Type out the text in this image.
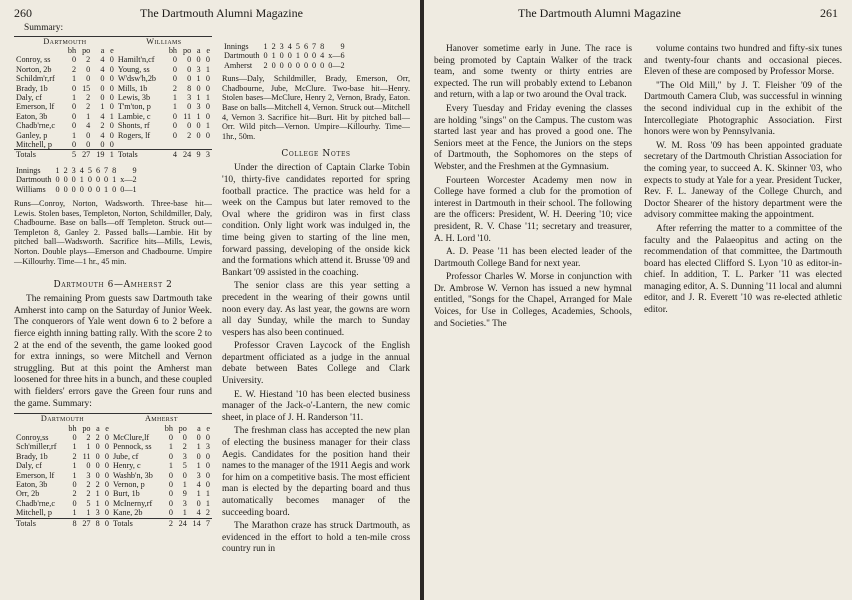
260	The Dartmouth Alumni Magazine
Summary:
Dartmouth					Williams				
	bh	po	a	e		bh	po	a	e
Conroy, ss	0	2	4	0	Hamilt'n,cf	0	0	0	0
Norton, 2b	2	0	4	0	Young, ss	0	0	3	1
Schildm'r,rf	1	0	0	0	W'dsw'h,2b	0	0	1	0
Brady, 1b	0	15	0	0	Mills, 1b	2	8	0	0
Daly, cf	1	2	0	0	Lewis, 3b	1	3	1	1
Emerson, lf	0	2	1	0	T'm'ton, p	1	0	3	0
Eaton, 3b	0	1	4	1	Lambie, c	0	11	1	0
Chadb'rne,c	0	4	2	0	Shonts, rf	0	0	0	1
Ganley, p	1	0	4	0	Rogers, lf	0	2	0	0
Mitchell, p	0	0	0	0					
Totals	5	27	19	1	Totals	4	24	9	3
Innings	1	2	3	4	5	6	7	8	9
Dartmouth	0	0	0	1	0	0	0	1	x—2
Williams	0	0	0	0	0	0	1	0	0—1
Runs—Conroy, Norton, Wadsworth. Three-base hit—Lewis. Stolen bases, Templeton, Norton, Schildmiller, Daly, Chadbourne. Base on balls—off Templeton. Struck out—Templeton 8, Ganley 2. Passed balls—Lambie. Hit by pitched ball—Wadsworth. Sacrifice hits—Mills, Lewis, Norton. Double plays—Emerson and Chadbourne. Umpire—Killourhy. Time—1 hr., 45 min.
Dartmouth 6—Amherst 2

The remaining Prom guests saw Dartmouth take Amherst into camp on the Saturday of Junior Week. The conquerors of Yale went down 6 to 2 before a fierce eighth inning batting rally. With the score 2 to 2 at the end of the seventh, the game looked good for extra innings, so were Mitchell and Vernon struggling. But at this point the Amherst man loosened for three hits in a bunch, and these coupled with fielders' errors gave the Green four runs and the game. Summary:

Dartmouth					Amherst				
	bh	po	a	e		bh	po	a	e
Conroy,ss	0	2	2	0	McClure,lf	0	0	0	0
Sch'miller,rf	1	1	0	0	Pennock, ss	1	2	1	3
Brady, 1b	2	11	0	0	Jube, cf	0	3	0	0
Daly, cf	1	0	0	0	Henry, c	1	5	1	0
Emerson, lf	1	3	0	0	Washb'n, 3b	0	0	3	0
Eaton, 3b	0	2	2	0	Vernon, p	0	1	4	0
Orr, 2b	2	2	1	0	Burt, 1b	0	9	1	1
Chadb'rne,c	0	5	1	0	McInerny,rf	0	3	0	1
Mitchell, p	1	1	3	0	Kane, 2b	0	1	4	2
Totals	8	27	8	0	Totals	2	24	14	7
Innings	1	2	3	4	5	6	7	8	9
Dartmouth	0	1	0	0	1	0	0	4	x—6
Amherst	2	0	0	0	0	0	0	0	0—2
Runs—Daly, Schildmiller, Brady, Emerson, Orr, Chadbourne, Jube, McClure. Two-base hit—Henry. Stolen bases—McClure, Henry 2, Vernon, Brady, Eaton. Base on balls—Mitchell 4, Vernon. Struck out—Mitchell 4, Vernon 3. Sacrifice hit—Burt. Hit by pitched ball—Orr. Wild pitch—Vernon. Umpire—Killourhy. Time—1hr., 50m.
College Notes

Under the direction of Captain Clarke Tobin '10, thirty-five candidates reported for spring football practice. The practice was held for a week on the Campus but later removed to the Oval where the gridiron was in first class condition. Only light work was indulged in, the time being given to starting of the line men, forward passing, developing of the onside kick and the formations which attend it. Brusse '09 and Bankart '09 assisted in the coaching.

The senior class are this year setting a precedent in the wearing of their gowns until noon every day. As last year, the gowns are worn all day Sunday, while the march to Sunday vespers has also been continued.

Professor Craven Laycock of the English department officiated as a judge in the annual debate between Bates College and Clark University.

E. W. Hiestand '10 has been elected business manager of the Jack-o'-Lantern, the new comic sheet, in place of J. H. Randerson '11.

The freshman class has accepted the new plan of electing the business manager for their class Aegis. Candidates for the position hand their names to the manager of the 1911 Aegis and work for him on a competitive basis. The most efficient man is elected by the departing board and thus automatically becomes manager of the succeeding board.

The Marathon craze has struck Dartmouth, as evidenced in the effort to hold a ten-mile cross country run in

The Dartmouth Alumni Magazine	261

Hanover sometime early in June. The race is being promoted by Captain Walker of the track team, and some twenty or thirty entries are expected. The run will probably extend to Lebanon and return, with a lap or two around the Oval track.

Every Tuesday and Friday evening the classes are holding "sings" on the Campus. The custom was started last year and has proved a good one. The Seniors meet at the Fence, the Juniors on the steps of Dartmouth, the Sophomores on the steps of Webster, and the Freshmen at the Gymnasium.

Fourteen Worcester Academy men now in College have formed a club for the promotion of interest in Dartmouth in their school. The following are the officers: President, W. H. Deering '10; vice president, R. V. Chase '11; secretary and treasurer, A. H. Lord '10.

A. D. Pease '11 has been elected leader of the Dartmouth College Band for next year.

Professor Charles W. Morse in conjunction with Dr. Ambrose W. Vernon has issued a new hymnal entitled, "Songs for the Chapel, Arranged for Male Voices, for Use in Colleges, Academies, Schools, and Societies." The

volume contains two hundred and fifty-six tunes and twenty-four chants and occasional pieces. Eleven of these are composed by Professor Morse.

"The Old Mill," by J. T. Fleisher '09 of the Dartmouth Camera Club, was successful in winning the second individual cup in the exhibit of the Intercollegiate Photographic Association. First honors were won by Pennsylvania.

W. M. Ross '09 has been appointed graduate secretary of the Dartmouth Christian Association for the coming year, to succeed A. K. Skinner '03, who expects to study at Yale for a year. President Tucker, Rev. F. L. Janeway of the College Church, and Doctor Shearer of the history department were the advisory committee making the appointment.

After referring the matter to a committee of the faculty and the Palaeopitus and acting on the recommendation of that committee, the Dartmouth board has elected Clifford S. Lyon '10 as editor-in-chief. In addition, T. L. Parker '11 was elected managing editor, A. S. Dunning '11 local and alumni editor, and J. R. Everett '10 was re-elected athletic editor.
